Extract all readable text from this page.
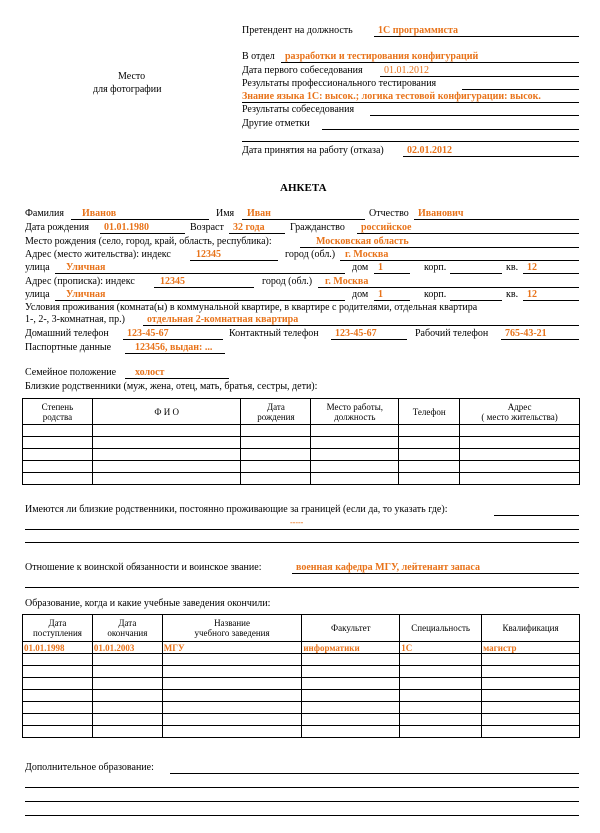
Место
для фотографии
Претендент на должность	1С программиста
В отдел разработки и тестирования конфигураций
Дата первого собеседования 01.01.2012
Результаты профессионального тестирования
Знание языка 1С: высок.; логика тестовой конфигурации: высок.
Результаты собеседования
Другие отметки
Дата принятия на работу (отказа) 02.01.2012
АНКЕТА
Фамилия Иванов	Имя Иван	Отчество Иванович
Дата рождения 01.01.1980	Возраст 32 года	Гражданство российское
Место рождения (село, город, край, область, республика):	Московская область
Адрес (место жительства): индекс	12345	город (обл.) г. Москва
улица Уличная	дом 1	корп.	кв. 12
Адрес (прописка): индекс	12345	город (обл.) г. Москва
улица Уличная	дом 1	корп.	кв. 12
Условия проживания (комната(ы) в коммунальной квартире, в квартире с родителями, отдельная квартира
1-, 2-, 3-комнатная, пр.) отдельная 2-комнатная квартира
Домашний телефон 123-45-67	Контактный телефон 123-45-67	Рабочий телефон 765-43-21
Паспортные данные 123456, выдан: ...
Семейное положение холост
Близкие родственники (муж, жена, отец, мать, братья, сестры, дети):
Степень
родства	Ф И О	Дата
рождения	Место работы,
должность	Телефон	Адрес
( место жительства)

Имеются ли близкие родственники, постоянно проживающие за границей (если да, то указать где):
-----
Отношение к воинской обязанности и воинское звание:	военная кафедра МГУ, лейтенант запаса
Образование, когда и какие учебные заведения окончили:
Дата
поступления	Дата
окончания	Название
учебного заведения	Факультет	Специальность	Квалификация
01.01.1998	01.01.2003	МГУ	информатики	1С	магистр

Дополнительное образование:
